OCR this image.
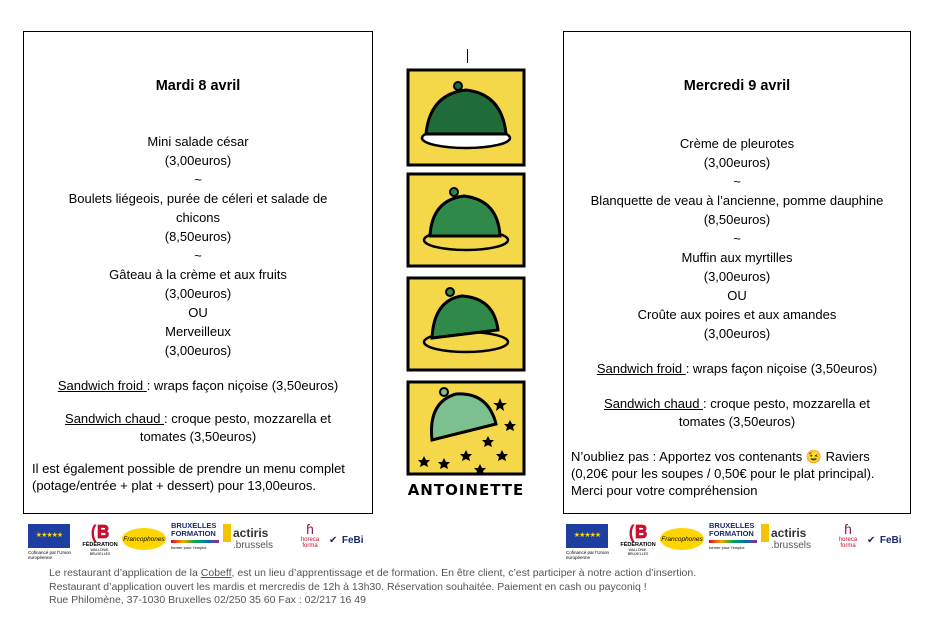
Mardi 8 avril
Mini salade césar
(3,00euros)
~
Boulets liégeois, purée de céleri et salade de
chicons
(8,50euros)
~
Gâteau à la crème et aux fruits
(3,00euros)
OU
Merveilleux
(3,00euros)
Sandwich froid : wraps façon niçoise (3,50euros)
Sandwich chaud : croque pesto, mozzarella et
tomates (3,50euros)
Il est également possible de prendre un menu complet (potage/entrée + plat + dessert) pour 13,00euros.	ANTOINETTE
Mercredi 9 avril
Crème de pleurotes
(3,00euros)
~
Blanquette de veau à l’ancienne, pomme dauphine
(8,50euros)
~
Muffin aux myrtilles
(3,00euros)
OU
Croûte aux poires et aux amandes
(3,00euros)
Sandwich froid : wraps façon niçoise (3,50euros)
Sandwich chaud : croque pesto, mozzarella et
tomates (3,50euros)
N’oubliez pas : Apportez vos contenants 😉 Raviers (0,20€ pour les soupes / 0,50€ pour le plat principal). Merci pour votre compréhension
★★★★★
Cofinancé par l’Union européenne
(𝐁
FÉDÉRATION
WALLONIE-BRUXELLES
Francophones
BRUXELLES
FORMATION
former pour l’emploi
actiris
.brussels
ɦ
horeca
forma	✔ FeBi	★★★★★
Cofinancé par l’Union européenne
(𝐁
FÉDÉRATION
WALLONIE-BRUXELLES
Francophones
BRUXELLES
FORMATION
former pour l’emploi
actiris
.brussels
ɦ
horeca
forma	✔ FeBi
Le restaurant d’application de la Cobeff, est un lieu d’apprentissage et de formation. En être client, c’est participer à notre action d’insertion.
Restaurant d’application ouvert les mardis et mercredis de 12h à 13h30. Réservation souhaitée. Paiement en cash ou payconiq !
Rue Philomène, 37-1030 Bruxelles 02/250 35 60 Fax : 02/217 16 49
